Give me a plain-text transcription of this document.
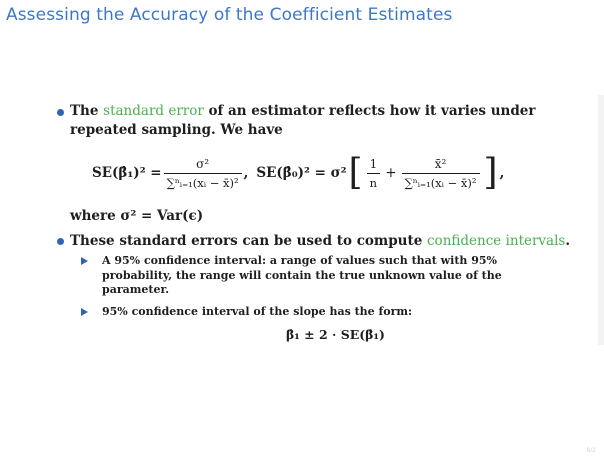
Assessing the Accuracy of the Coefficient Estimates
The standard error of an estimator reflects how it varies under
repeated sampling. We have
SE(β̂₁)² = $\frac{\text{σ²}}{\text{∑ⁿᵢ₌₁(xᵢ − x̄)²}}$ , SE(β̂₀)² = σ² [ $\frac{1}{n} + \frac{\text{x̄²}}{\text{∑ⁿᵢ₌₁(xᵢ − x̄)²}}$ ] ,
where σ² = Var(ϵ)
These standard errors can be used to compute confidence intervals.
A 95% confidence interval: a range of values such that with 95%
probability, the range will contain the true unknown value of the
parameter.
95% confidence interval of the slope has the form:
β̂₁ ± 2 · SE(β̂₁)
8/2
